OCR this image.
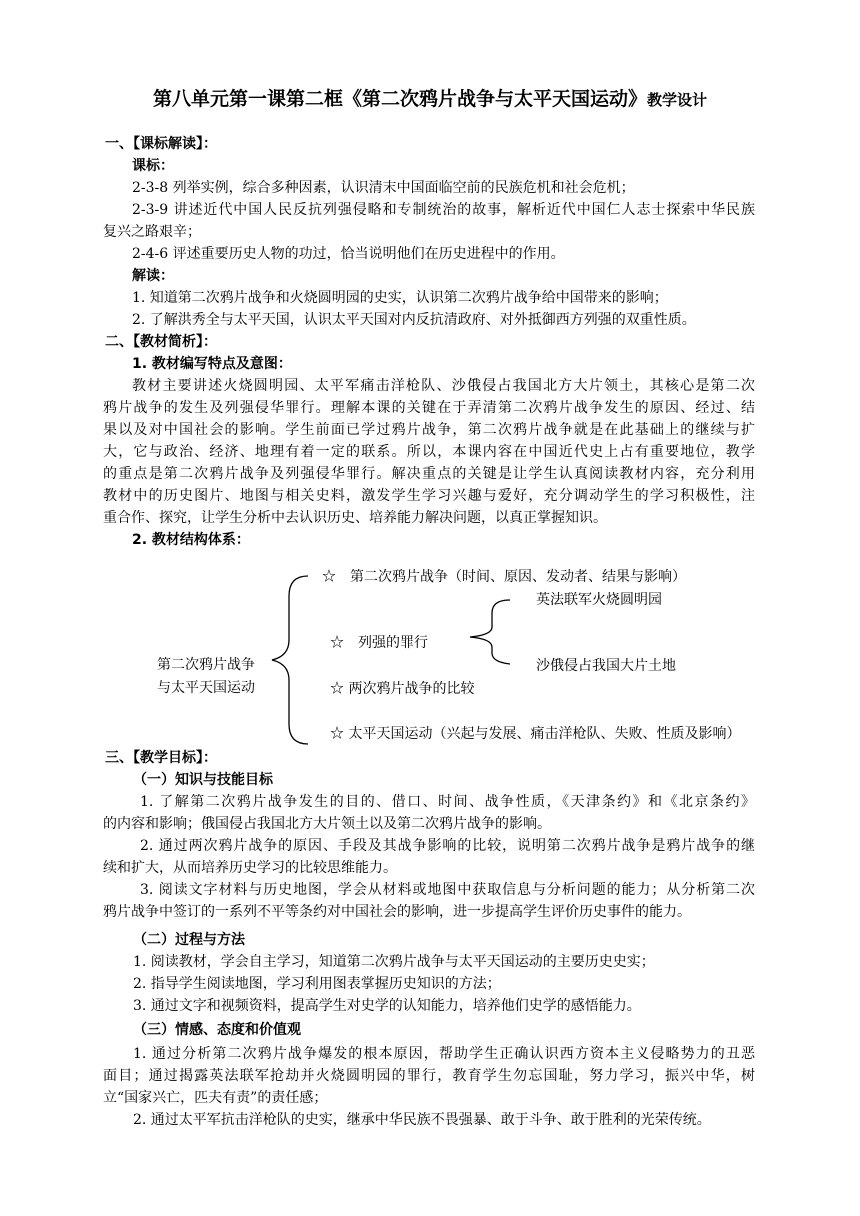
第八单元第一课第二框《第二次鸦片战争与太平天国运动》教学设计
一、【课标解读】：
课标：
2-3-8 列举实例，综合多种因素，认识清末中国面临空前的民族危机和社会危机；
2-3-9 讲述近代中国人民反抗列强侵略和专制统治的故事，解析近代中国仁人志士探索中华民族
复兴之路艰辛；
2-4-6 评述重要历史人物的功过，恰当说明他们在历史进程中的作用。
解读：
1. 知道第二次鸦片战争和火烧圆明园的史实，认识第二次鸦片战争给中国带来的影响；
2. 了解洪秀全与太平天国，认识太平天国对内反抗清政府、对外抵御西方列强的双重性质。
二、【教材简析】：
1. 教材编写特点及意图：
教材主要讲述火烧圆明园、太平军痛击洋枪队、沙俄侵占我国北方大片领土，其核心是第二次
鸦片战争的发生及列强侵华罪行。理解本课的关键在于弄清第二次鸦片战争发生的原因、经过、结
果以及对中国社会的影响。学生前面已学过鸦片战争，第二次鸦片战争就是在此基础上的继续与扩
大，它与政治、经济、地理有着一定的联系。所以，本课内容在中国近代史上占有重要地位，教学
的重点是第二次鸦片战争及列强侵华罪行。解决重点的关键是让学生认真阅读教材内容，充分利用
教材中的历史图片、地图与相关史料，激发学生学习兴趣与爱好，充分调动学生的学习积极性，注
重合作、探究，让学生分析中去认识历史、培养能力解决问题，以真正掌握知识。
2. 教材结构体系：
第二次鸦片战争
与太平天国运动
☆　第二次鸦片战争（时间、原因、发动者、结果与影响）
英法联军火烧圆明园
☆　列强的罪行
沙俄侵占我国大片土地
☆ 两次鸦片战争的比较
☆ 太平天国运动（兴起与发展、痛击洋枪队、失败、性质及影响）
三、【教学目标】：
（一）知识与技能目标
1. 了解第二次鸦片战争发生的目的、借口、时间、战争性质，《天津条约》和《北京条约》
的内容和影响；俄国侵占我国北方大片领土以及第二次鸦片战争的影响。
2. 通过两次鸦片战争的原因、手段及其战争影响的比较，说明第二次鸦片战争是鸦片战争的继
续和扩大，从而培养历史学习的比较思维能力。
3. 阅读文字材料与历史地图，学会从材料或地图中获取信息与分析问题的能力；从分析第二次
鸦片战争中签订的一系列不平等条约对中国社会的影响，进一步提高学生评价历史事件的能力。
（二）过程与方法
1. 阅读教材，学会自主学习，知道第二次鸦片战争与太平天国运动的主要历史史实；
2. 指导学生阅读地图，学习利用图表掌握历史知识的方法；
3. 通过文字和视频资料，提高学生对史学的认知能力，培养他们史学的感悟能力。
（三）情感、态度和价值观
1. 通过分析第二次鸦片战争爆发的根本原因，帮助学生正确认识西方资本主义侵略势力的丑恶
面目；通过揭露英法联军抢劫并火烧圆明园的罪行，教育学生勿忘国耻，努力学习，振兴中华，树
立“国家兴亡，匹夫有责”的责任感；
2. 通过太平军抗击洋枪队的史实，继承中华民族不畏强暴、敢于斗争、敢于胜利的光荣传统。
